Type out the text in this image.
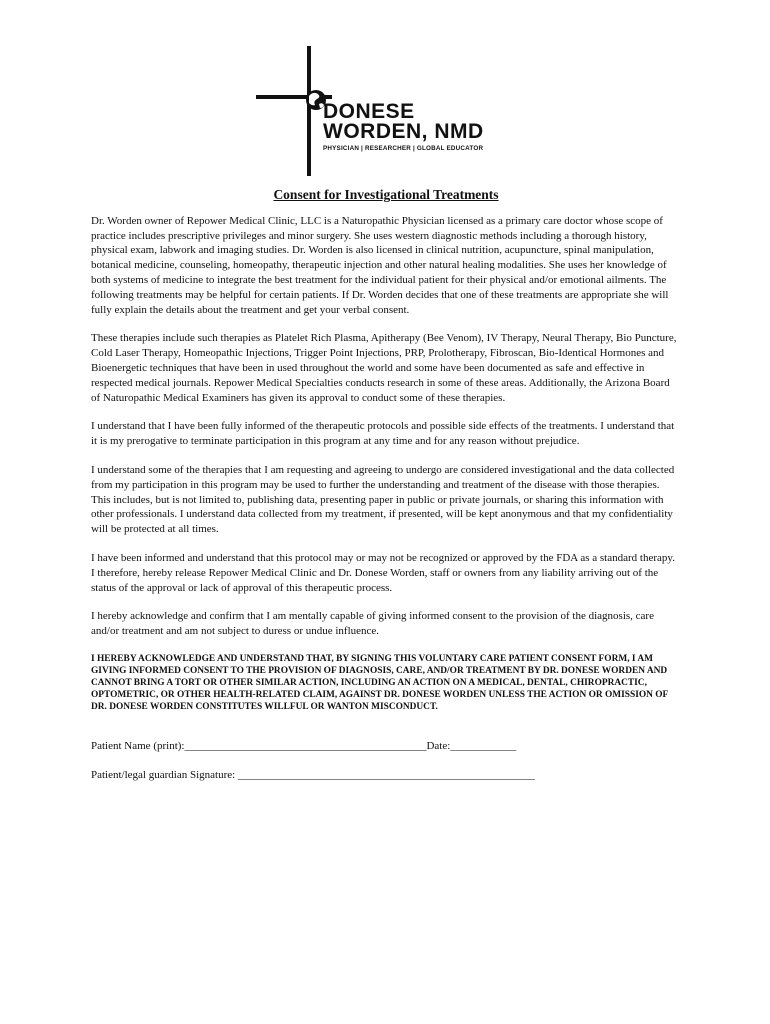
DONESE
WORDEN, NMD
PHYSICIAN | RESEARCHER | GLOBAL EDUCATOR
Consent for Investigational Treatments
Dr. Worden owner of Repower Medical Clinic, LLC is a Naturopathic Physician licensed as a primary care doctor whose scope of practice includes prescriptive privileges and minor surgery. She uses western diagnostic methods including a thorough history, physical exam, labwork and imaging studies. Dr. Worden is also licensed in clinical nutrition, acupuncture, spinal manipulation, botanical medicine, counseling, homeopathy, therapeutic injection and other natural healing modalities. She uses her knowledge of both systems of medicine to integrate the best treatment for the individual patient for their physical and/or emotional ailments. The following treatments may be helpful for certain patients. If Dr. Worden decides that one of these treatments are appropriate she will fully explain the details about the treatment and get your verbal consent.
These therapies include such therapies as Platelet Rich Plasma, Apitherapy (Bee Venom), IV Therapy, Neural Therapy, Bio Puncture, Cold Laser Therapy, Homeopathic Injections, Trigger Point Injections, PRP, Prolotherapy, Fibroscan, Bio-Identical Hormones and Bioenergetic techniques that have been in used throughout the world and some have been documented as safe and effective in respected medical journals. Repower Medical Specialties conducts research in some of these areas. Additionally, the Arizona Board of Naturopathic Medical Examiners has given its approval to conduct some of these therapies.
I understand that I have been fully informed of the therapeutic protocols and possible side effects of the treatments. I understand that it is my prerogative to terminate participation in this program at any time and for any reason without prejudice.
I understand some of the therapies that I am requesting and agreeing to undergo are considered investigational and the data collected from my participation in this program may be used to further the understanding and treatment of the disease with those therapies. This includes, but is not limited to, publishing data, presenting paper in public or private journals, or sharing this information with other professionals. I understand data collected from my treatment, if presented, will be kept anonymous and that my confidentiality will be protected at all times.
I have been informed and understand that this protocol may or may not be recognized or approved by the FDA as a standard therapy. I therefore, hereby release Repower Medical Clinic and Dr. Donese Worden, staff or owners from any liability arriving out of the status of the approval or lack of approval of this therapeutic process.
I hereby acknowledge and confirm that I am mentally capable of giving informed consent to the provision of the diagnosis, care and/or treatment and am not subject to duress or undue influence.
I HEREBY ACKNOWLEDGE AND UNDERSTAND THAT, BY SIGNING THIS VOLUNTARY CARE PATIENT CONSENT FORM, I AM GIVING INFORMED CONSENT TO THE PROVISION OF DIAGNOSIS, CARE, AND/OR TREATMENT BY DR. DONESE WORDEN AND CANNOT BRING A TORT OR OTHER SIMILAR ACTION, INCLUDING AN ACTION ON A MEDICAL, DENTAL, CHIROPRACTIC, OPTOMETRIC, OR OTHER HEALTH-RELATED CLAIM, AGAINST DR. DONESE WORDEN UNLESS THE ACTION OR OMISSION OF DR. DONESE WORDEN CONSTITUTES WILLFUL OR WANTON MISCONDUCT.
Patient Name (print):____________________________________________Date:____________
Patient/legal guardian Signature: ______________________________________________________
